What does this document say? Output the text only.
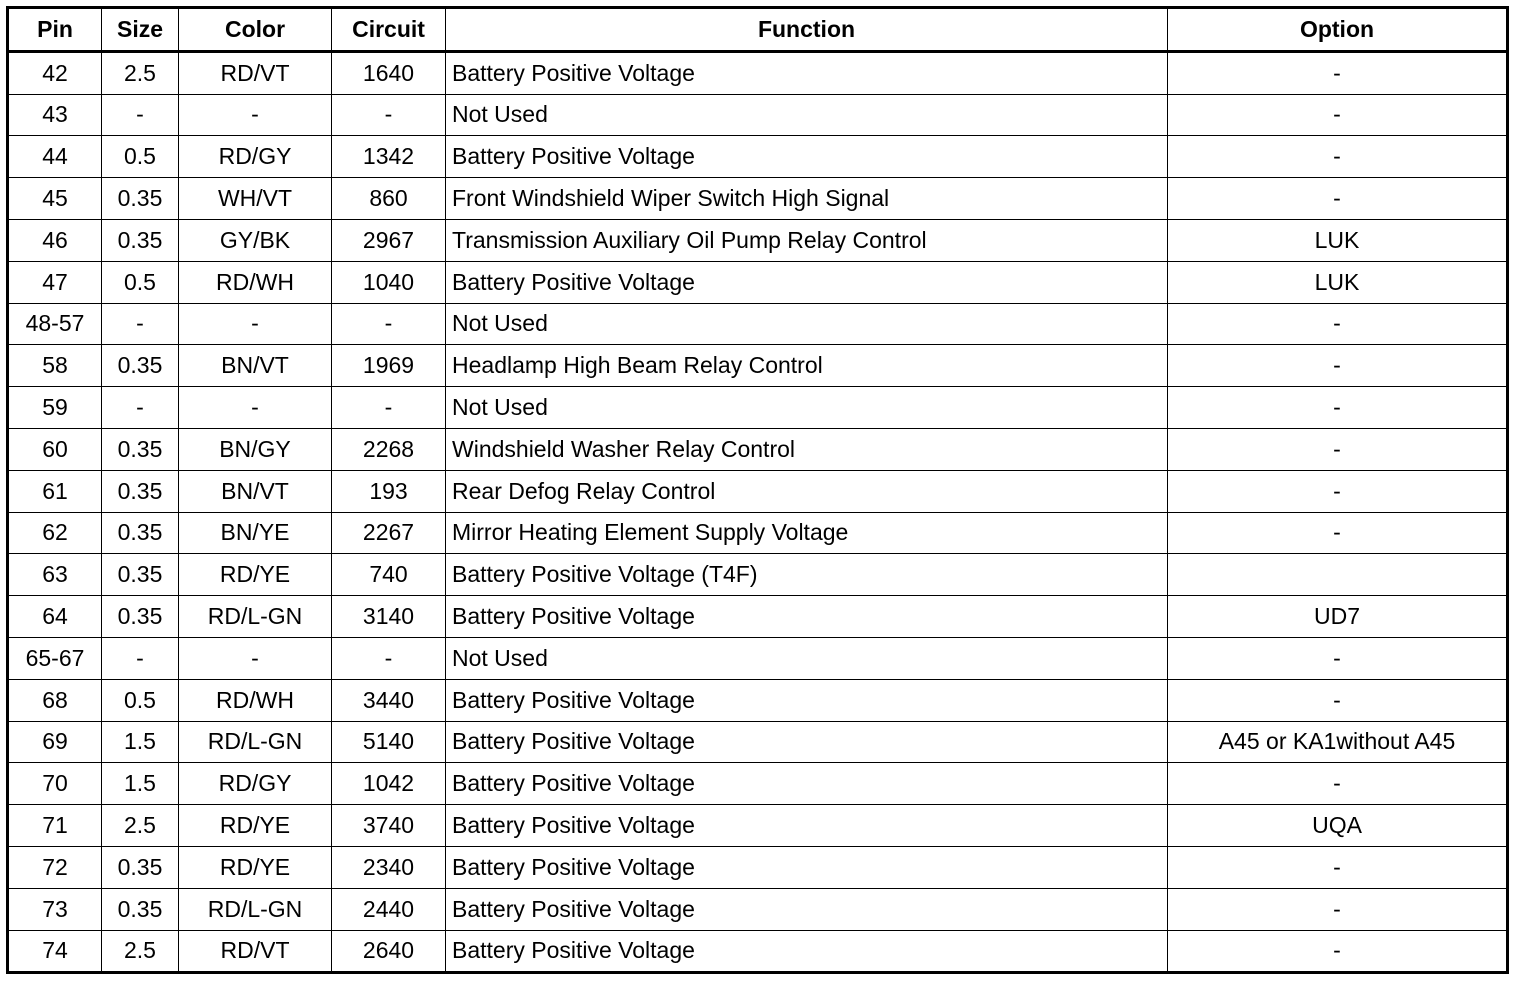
Pin	Size	Color	Circuit	Function	Option
42	2.5	RD/VT	1640	Battery Positive Voltage	-
43	-	-	-	Not Used	-
44	0.5	RD/GY	1342	Battery Positive Voltage	-
45	0.35	WH/VT	860	Front Windshield Wiper Switch High Signal	-
46	0.35	GY/BK	2967	Transmission Auxiliary Oil Pump Relay Control	LUK
47	0.5	RD/WH	1040	Battery Positive Voltage	LUK
48-57	-	-	-	Not Used	-
58	0.35	BN/VT	1969	Headlamp High Beam Relay Control	-
59	-	-	-	Not Used	-
60	0.35	BN/GY	2268	Windshield Washer Relay Control	-
61	0.35	BN/VT	193	Rear Defog Relay Control	-
62	0.35	BN/YE	2267	Mirror Heating Element Supply Voltage	-
63	0.35	RD/YE	740	Battery Positive Voltage (T4F)	
64	0.35	RD/L-GN	3140	Battery Positive Voltage	UD7
65-67	-	-	-	Not Used	-
68	0.5	RD/WH	3440	Battery Positive Voltage	-
69	1.5	RD/L-GN	5140	Battery Positive Voltage	A45 or KA1without A45
70	1.5	RD/GY	1042	Battery Positive Voltage	-
71	2.5	RD/YE	3740	Battery Positive Voltage	UQA
72	0.35	RD/YE	2340	Battery Positive Voltage	-
73	0.35	RD/L-GN	2440	Battery Positive Voltage	-
74	2.5	RD/VT	2640	Battery Positive Voltage	-
